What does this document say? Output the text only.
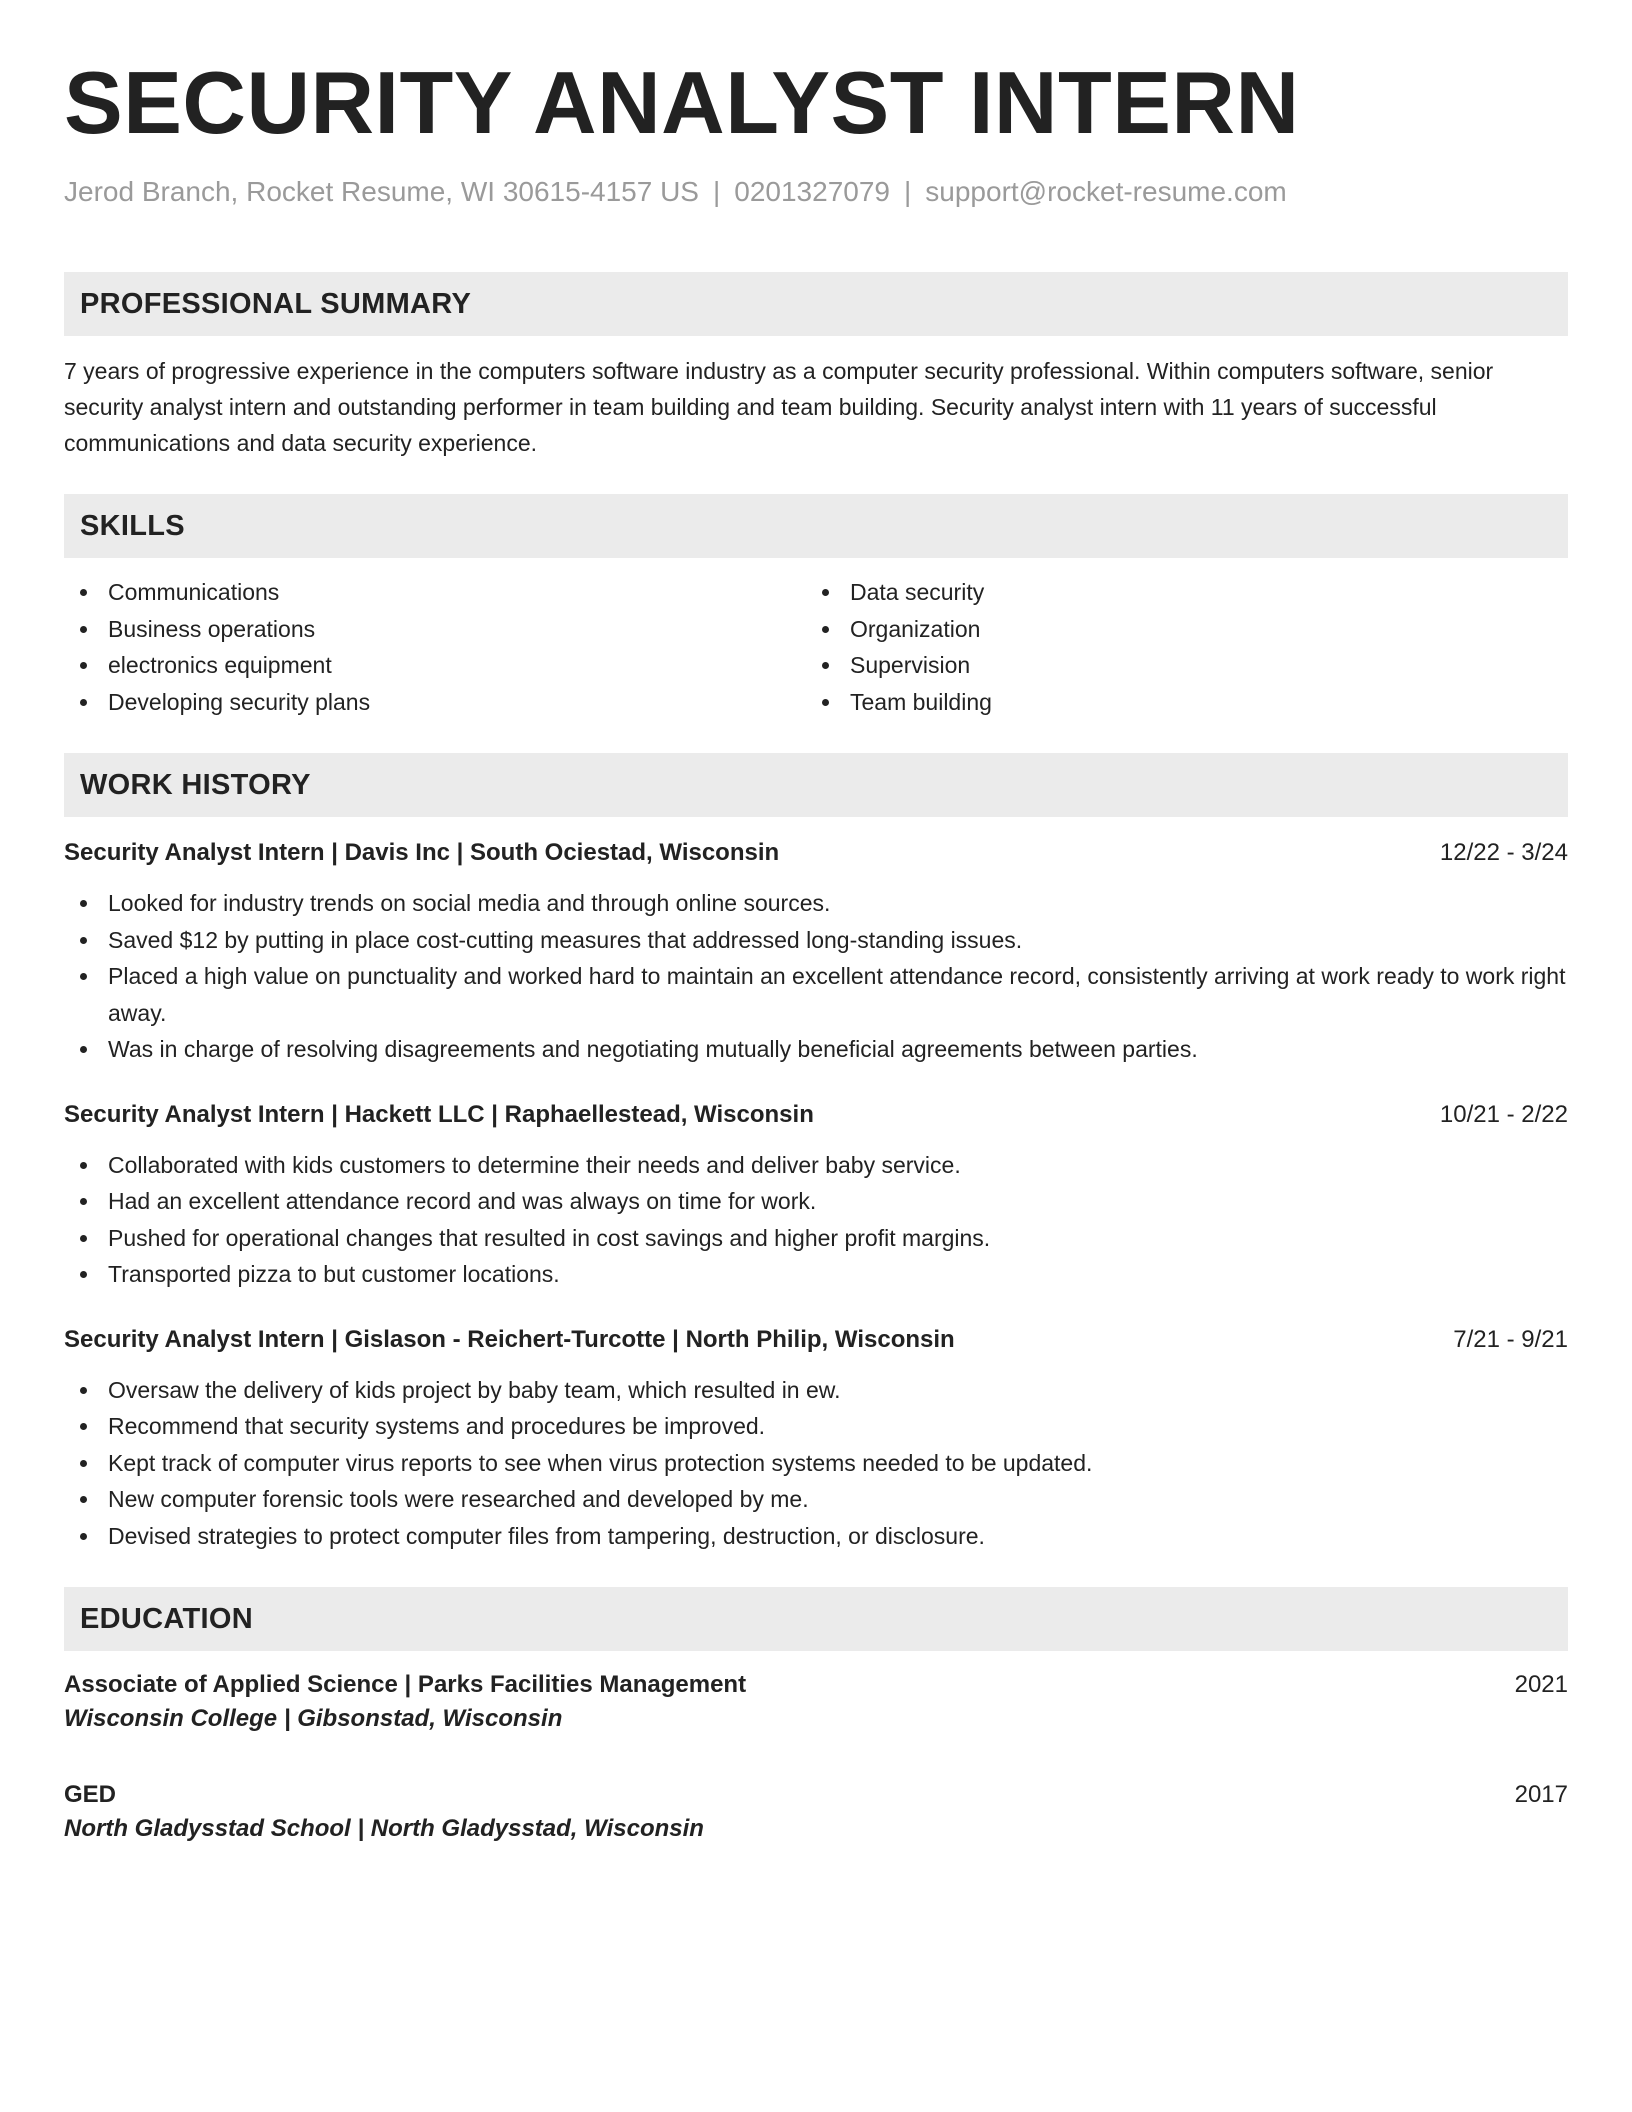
SECURITY ANALYST INTERN
Jerod Branch, Rocket Resume, WI 30615-4157 US | 0201327079 | support@rocket-resume.com
PROFESSIONAL SUMMARY
7 years of progressive experience in the computers software industry as a computer security professional. Within computers software, senior security analyst intern and outstanding performer in team building and team building. Security analyst intern with 11 years of successful communications and data security experience.
SKILLS
Communications
Business operations
electronics equipment
Developing security plans
Data security
Organization
Supervision
Team building
WORK HISTORY
Security Analyst Intern | Davis Inc | South Ociestad, Wisconsin	12/22 - 3/24
Looked for industry trends on social media and through online sources.
Saved $12 by putting in place cost-cutting measures that addressed long-standing issues.
Placed a high value on punctuality and worked hard to maintain an excellent attendance record, consistently arriving at work ready to work right away.
Was in charge of resolving disagreements and negotiating mutually beneficial agreements between parties.
Security Analyst Intern | Hackett LLC | Raphaellestead, Wisconsin	10/21 - 2/22
Collaborated with kids customers to determine their needs and deliver baby service.
Had an excellent attendance record and was always on time for work.
Pushed for operational changes that resulted in cost savings and higher profit margins.
Transported pizza to but customer locations.
Security Analyst Intern | Gislason - Reichert-Turcotte | North Philip, Wisconsin	7/21 - 9/21
Oversaw the delivery of kids project by baby team, which resulted in ew.
Recommend that security systems and procedures be improved.
Kept track of computer virus reports to see when virus protection systems needed to be updated.
New computer forensic tools were researched and developed by me.
Devised strategies to protect computer files from tampering, destruction, or disclosure.
EDUCATION
Associate of Applied Science | Parks Facilities Management	2021
Wisconsin College | Gibsonstad, Wisconsin
GED	2017
North Gladysstad School | North Gladysstad, Wisconsin
